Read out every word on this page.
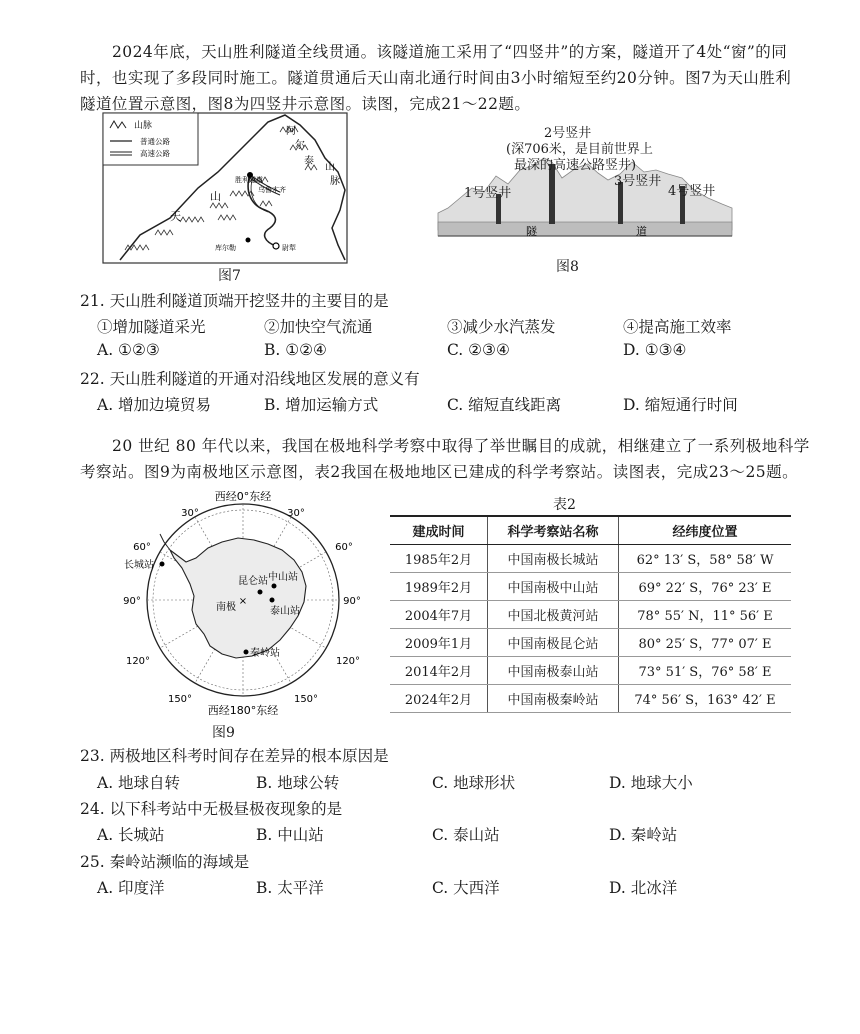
2024年底，天山胜利隧道全线贯通。该隧道施工采用了“四竖井”的方案，隧道开了4处“窗”的同
时，也实现了多段同时施工。隧道贯通后天山南北通行时间由3小时缩短至约20分钟。图7为天山胜利
隧道位置示意图，图8为四竖井示意图。读图，完成21～22题。
山脉
普通公路
高速公路
阿
尔
泰
山
脉
天
山
胜利隧道
乌鲁木齐
库尔勒	尉犁
图7
隧	道
2号竖井
(深706米，是目前世界上
最深的高速公路竖井)
1号竖井
3号竖井
4号竖井
图8
21. 天山胜利隧道顶端开挖竖井的主要目的是
①增加隧道采光	②加快空气流通	③减少水汽蒸发	④提高施工效率
A. ①②③	B. ①②④	C. ②③④	D. ①③④
22. 天山胜利隧道的开通对沿线地区发展的意义有
A. 增加边境贸易	B. 增加运输方式	C. 缩短直线距离	D. 缩短通行时间
20 世纪 80 年代以来，我国在极地科学考察中取得了举世瞩目的成就，相继建立了一系列极地科学
考察站。图9为南极地区示意图，表2我国在极地地区已建成的科学考察站。读图表，完成23～25题。
×
西经0°东经
30°	30°
60°	60°
90°	90°
120°	120°
150°	150°
西经180°东经
长城站
中山站
昆仑站
泰山站
秦岭站
南极
图9
表2
建成时间	科学考察站名称	经纬度位置
1985年2月	中国南极长城站	62° 13′ S，58° 58′ W
1989年2月	中国南极中山站	69° 22′ S，76° 23′ E
2004年7月	中国北极黄河站	78° 55′ N，11° 56′ E
2009年1月	中国南极昆仑站	80° 25′ S，77° 07′ E
2014年2月	中国南极泰山站	73° 51′ S，76° 58′ E
2024年2月	中国南极秦岭站	74° 56′ S，163° 42′ E
23. 两极地区科考时间存在差异的根本原因是
A. 地球自转	B. 地球公转	C. 地球形状	D. 地球大小
24. 以下科考站中无极昼极夜现象的是
A. 长城站	B. 中山站	C. 泰山站	D. 秦岭站
25. 秦岭站濒临的海域是
A. 印度洋	B. 太平洋	C. 大西洋	D. 北冰洋
